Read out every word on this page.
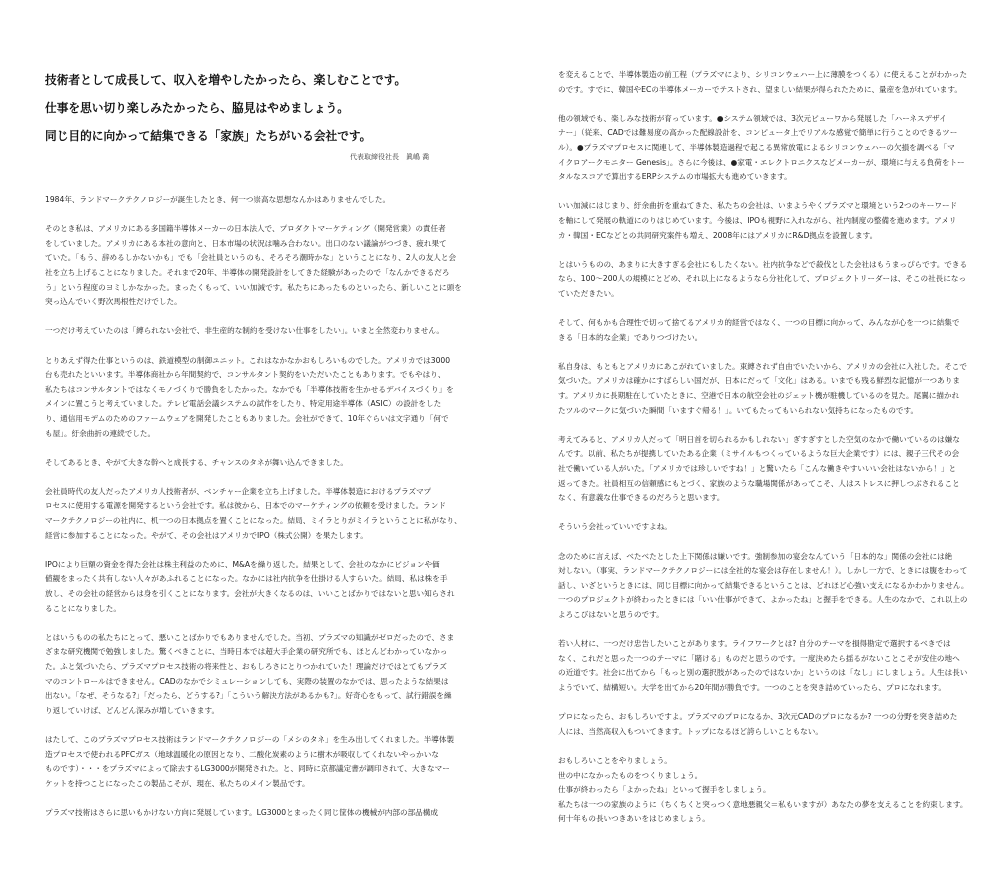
技術者として成長して、収入を増やしたかったら、楽しむことです。
仕事を思い切り楽しみたかったら、脇見はやめましょう。
同じ目的に向かって結集できる「家族」たちがいる会社です。
代表取締役社長　眞嶋 喬
1984年、ランドマークテクノロジーが誕生したとき、何一つ崇高な思想なんかはありませんでした。
そのとき私は、アメリカにある多国籍半導体メーカーの日本法人で、プロダクトマーケティング（開発営業）の責任者
をしていました。アメリカにある本社の意向と、日本市場の状況は噛み合わない。出口のない議論がつづき、疲れ果て
ていた。「もう、辞めるしかないかも」でも「会社員というのも、そろそろ潮時かな」ということになり、2人の友人と会
社を立ち上げることになりました。それまで20年、半導体の開発設計をしてきた経験があったので「なんかできるだろ
う」という程度のヨミしかなかった。まったくもって、いい加減です。私たちにあったものといったら、新しいことに頭を
突っ込んでいく野次馬根性だけでした。
一つだけ考えていたのは「縛られない会社で、非生産的な制約を受けない仕事をしたい」。いまと全然変わりません。
とりあえず得た仕事というのは、鉄道模型の制御ユニット。これはなかなかおもしろいものでした。アメリカでは3000
台も売れたといいます。半導体商社から年間契約で、コンサルタント契約をいただいたこともあります。でもやはり、
私たちはコンサルタントではなくモノづくりで勝負をしたかった。なかでも「半導体技術を生かせるデバイスづくり」を
メインに置こうと考えていました。テレビ電話会議システムの試作をしたり、特定用途半導体（ASIC）の設計をした
り、通信用モデムのためのファームウェアを開発したこともありました。会社ができて、10年ぐらいは文字通り「何で
も屋」。紆余曲折の連続でした。
そしてあるとき、やがて大きな幹へと成長する、チャンスのタネが舞い込んできました。
会社員時代の友人だったアメリカ人技術者が、ベンチャー企業を立ち上げました。半導体製造におけるプラズマプ
ロセスに使用する電源を開発するという会社です。私は彼から、日本でのマーケティングの依頼を受けました。ランド
マークテクノロジーの社内に、机一つの日本拠点を置くことになった。結局、ミイラとりがミイラということに私がなり、
経営に参加することになった。やがて、その会社はアメリカでIPO（株式公開）を果たします。
IPOにより巨額の資金を得た会社は株主利益のために、M&Aを繰り返した。結果として、会社のなかにビジョンや価
値観をまったく共有しない人々があふれることになった。なかには社内抗争を仕掛ける人すらいた。結局、私は株を手
放し、その会社の経営からは身を引くことになります。会社が大きくなるのは、いいことばかりではないと思い知らされ
ることになりました。
とはいうものの私たちにとって、悪いことばかりでもありませんでした。当初、プラズマの知識がゼロだったので、さま
ざまな研究機関で勉強しました。驚くべきことに、当時日本では超大手企業の研究所でも、ほとんどわかっていなかっ
た。ふと気づいたら、プラズマプロセス技術の将来性と、おもしろさにとりつかれていた！理論だけではとてもプラズ
マのコントロールはできません。CADのなかでシミュレーションしても、実際の装置のなかでは、思ったような結果は
出ない。「なぜ、そうなる?」「だったら、どうする?」「こういう解決方法があるかも?」。好奇心をもって、試行錯誤を繰
り返していけば、どんどん深みが増していきます。
はたして、このプラズマプロセス技術はランドマークテクノロジーの「メシのタネ」を生み出してくれました。半導体製
造プロセスで使われるPFCガス（地球温暖化の原因となり、二酸化炭素のように樹木が吸収してくれないやっかいな
ものです）・・・をプラズマによって除去するLG3000が開発された。と、同時に京都議定書が調印されて、大きなマー
ケットを持つことになったこの製品こそが、現在、私たちのメイン製品です。
プラズマ技術はさらに思いもかけない方向に発展しています。LG3000とまったく同じ筐体の機械が内部の部品構成
を変えることで、半導体製造の前工程（プラズマにより、シリコンウェハー上に薄膜をつくる）に使えることがわかった
のです。すでに、韓国やECの半導体メーカーでテストされ、望ましい結果が得られたために、量産を急がれています。
他の領域でも、楽しみな技術が育っています。●システム領域では、3次元ビューワから発展した「ハーネスデザイ
ナー」（従来、CADでは難易度の高かった配線設計を、コンピュータ上でリアルな感覚で簡単に行うことのできるツー
ル）。●プラズマプロセスに関連して、半導体製造過程で起こる異常放電によるシリコンウェハーの欠損を調べる「マ
イクロアークモニター Genesis」。さらに今後は、●家電・エレクトロニクスなどメーカーが、環境に与える負荷をトー
タルなスコアで算出するERPシステムの市場拡大も進めていきます。
いい加減にはじまり、紆余曲折を重ねてきた、私たちの会社は、いまようやくプラズマと環境という2つのキーワード
を軸にして発展の軌道にのりはじめています。今後は、IPOも視野に入れながら、社内制度の整備を進めます。アメリ
カ・韓国・ECなどとの共同研究案件も増え、2008年にはアメリカにR&D拠点を設置します。
とはいうものの、あまりに大きすぎる会社にもしたくない。社内抗争などで殺伐とした会社はもうまっぴらです。できる
なら、100～200人の規模にとどめ、それ以上になるようなら分社化して、プロジェクトリーダーは、そこの社長になっ
ていただきたい。
そして、何もかも合理性で切って捨てるアメリカ的経営ではなく、一つの目標に向かって、みんなが心を一つに結集で
きる「日本的な企業」でありつづけたい。
私自身は、もともとアメリカにあこがれていました。束縛されず自由でいたいから、アメリカの会社に入社した。そこで
気づいた。アメリカは確かにすばらしい国だが、日本にだって「文化」はある。いまでも残る鮮烈な記憶が一つありま
す。アメリカに長期駐在していたときに、空港で日本の航空会社のジェット機が駐機しているのを見た。尾翼に描かれ
たツルのマークに気づいた瞬間「いますぐ帰る！」。いてもたってもいられない気持ちになったものです。
考えてみると、アメリカ人だって「明日首を切られるかもしれない」ぎすぎすとした空気のなかで働いているのは嫌な
んです。以前、私たちが提携していたある企業（ミサイルもつくっているような巨大企業です）には、親子三代その会
社で働いている人がいた。「アメリカでは珍しいですね！」と驚いたら「こんな働きやすいいい会社はないから！」と
返ってきた。社員相互の信頼感にもとづく、家族のような職場関係があってこそ、人はストレスに押しつぶされること
なく、有意義な仕事できるのだろうと思います。
そういう会社っていいですよね。
念のために言えば、べたべたとした上下関係は嫌いです。強制参加の宴会なんていう「日本的な」関係の会社には絶
対しない。（事実、ランドマークテクノロジーには全社的な宴会は存在しません！）。しかし一方で、ときには腹をわって
話し、いざというときには、同じ目標に向かって結集できるということは、どれほど心強い支えになるかわかりません。
一つのプロジェクトが終わったときには「いい仕事ができて、よかったね」と握手をできる。人生のなかで、これ以上の
よろこびはないと思うのです。
若い人材に、一つだけ忠告したいことがあります。ライフワークとは? 自分のテーマを損得勘定で選択するべきでは
なく、これだと思った一つのテーマに「賭ける」ものだと思うのです。一度決めたら揺るがないことこそが安住の地へ
の近道です。社会に出てから「もっと別の選択肢があったのではないか」というのは「なし」にしましょう。人生は長い
ようでいて、結構短い。大学を出てから20年間が勝負です。一つのことを突き詰めていったら、プロになれます。
プロになったら、おもしろいですよ。プラズマのプロになるか、3次元CADのプロになるか? 一つの分野を突き詰めた
人には、当然高収入もついてきます。トップになるほど誇らしいこともない。
おもしろいことをやりましょう。
世の中になかったものをつくりましょう。
仕事が終わったら「よかったね」といって握手をしましょう。
私たちは一つの家族のように（ちくちくと突っつく意地悪親父＝私もいますが）あなたの夢を支えることを約束します。
何十年もの長いつきあいをはじめましょう。
